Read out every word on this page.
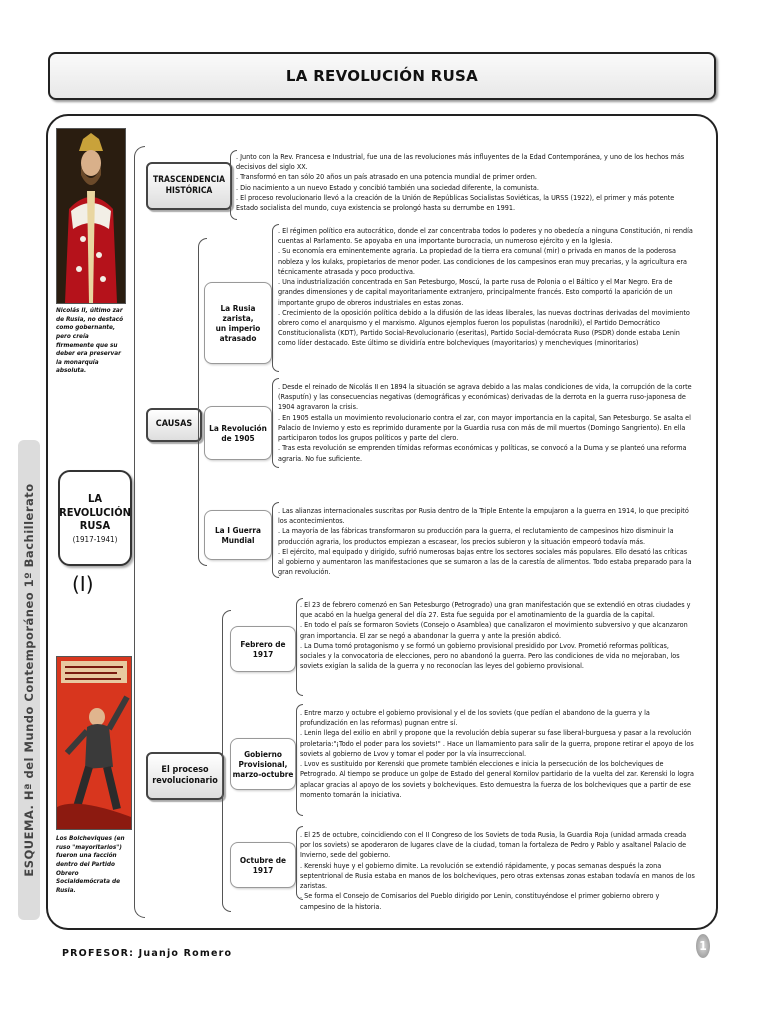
LA REVOLUCIÓN RUSA
ESQUEMA. Hª del Mundo Contemporáneo 1º Bachillerato
Nicolás II, último zar de Rusia, no destacó como gobernante, pero creía firmemente que su deber era preservar la monarquía absoluta.
LA
REVOLUCIÓN
RUSA
(1917-1941)
(I)
Los Bolcheviques (en ruso "mayoritarios") fueron una facción dentro del Partido Obrero Socialdemócrata de Rusia.
TRASCENDENCIA
HISTÓRICA

. Junto con la Rev. Francesa e Industrial, fue una de las revoluciones más influyentes de la Edad Contemporánea, y uno de los hechos más decisivos del siglo XX.

. Transformó en tan sólo 20 años un país atrasado en una potencia mundial de primer orden.

. Dio nacimiento a un nuevo Estado y concibió también una sociedad diferente, la comunista.

. El proceso revolucionario llevó a la creación de la Unión de Repúblicas Socialistas Soviéticas, la URSS (1922), el primer y más potente Estado socialista del mundo, cuya existencia se prolongó hasta su derrumbe en 1991.

CAUSAS
La Rusia
zarista,
un imperio
atrasado

. El régimen político era autocrático, donde el zar concentraba todos lo poderes y no obedecía a ninguna Constitución, ni rendía cuentas al Parlamento. Se apoyaba en una importante burocracia, un numeroso ejército y en la Iglesia.

. Su economía era eminentemente agraria. La propiedad de la tierra era comunal (mir) o privada en manos de la poderosa nobleza y los kulaks, propietarios de menor poder. Las condiciones de los campesinos eran muy precarias, y la agricultura era técnicamente atrasada y poco productiva.

. Una industrialización concentrada en San Petesburgo, Moscú, la parte rusa de Polonia o el Báltico y el Mar Negro. Era de grandes dimensiones y de capital mayoritariamente extranjero, principalmente francés. Esto comportó la aparición de un importante grupo de obreros industriales en estas zonas.

. Crecimiento de la oposición política debido a la difusión de las ideas liberales, las nuevas doctrinas derivadas del movimiento obrero como el anarquismo y el marxismo. Algunos ejemplos fueron los populistas (narodniki), el Partido Democrático Constitucionalista (KDT), Partido Social-Revolucionario (eseritas), Partido Social-demócrata Ruso (PSDR) donde estaba Lenin como líder destacado. Este último se dividiría entre bolcheviques (mayoritarios) y mencheviques (minoritarios)

La Revolución
de 1905

. Desde el reinado de Nicolás II en 1894 la situación se agrava debido a las malas condiciones de vida, la corrupción de la corte (Rasputín) y las consecuencias negativas (demográficas y económicas) derivadas de la derrota en la guerra ruso-japonesa de 1904 agravaron la crisis.

. En 1905 estalla un movimiento revolucionario contra el zar, con mayor importancia en la capital, San Petesburgo. Se asalta el Palacio de Invierno y esto es reprimido duramente por la Guardia rusa con más de mil muertos (Domingo Sangriento). En ella participaron todos los grupos políticos y parte del clero.

. Tras esta revolución se emprenden tímidas reformas económicas y políticas, se convocó a la Duma y se planteó una reforma agraria. No fue suficiente.

La I Guerra
Mundial

. Las alianzas internacionales suscritas por Rusia dentro de la Triple Entente la empujaron a la guerra en 1914, lo que precipitó los acontecimientos.

. La mayoría de las fábricas transformaron su producción para la guerra, el reclutamiento de campesinos hizo disminuir la producción agraria, los productos empiezan a escasear, los precios subieron y la situación empeoró todavía más.

. El ejército, mal equipado y dirigido, sufrió numerosas bajas entre los sectores sociales más populares. Ello desató las críticas al gobierno y aumentaron las manifestaciones que se sumaron a las de la carestía de alimentos. Todo estaba preparado para la gran revolución.

El proceso
revolucionario
Febrero de
1917

. El 23 de febrero comenzó en San Petesburgo (Petrogrado) una gran manifestación que se extendió en otras ciudades y que acabó en la huelga general del día 27. Esta fue seguida por el amotinamiento de la guardia de la capital.

. En todo el país se formaron Soviets (Consejo o Asamblea) que canalizaron el movimiento subversivo y que alcanzaron gran importancia. El zar se negó a abandonar la guerra y ante la presión abdicó.

. La Duma tomó protagonismo y se formó un gobierno provisional presidido por Lvov. Prometió reformas políticas, sociales y la convocatoria de elecciones, pero no abandonó la guerra. Pero las condiciones de vida no mejoraban, los soviets exigían la salida de la guerra y no reconocían las leyes del gobierno provisional.

Gobierno
Provisional,
marzo-octubre

. Entre marzo y octubre el gobierno provisional y el de los soviets (que pedían el abandono de la guerra y la profundización en las reformas) pugnan entre sí.

. Lenin llega del exilio en abril y propone que la revolución debía superar su fase liberal-burguesa y pasar a la revolución proletaria:"¡Todo el poder para los soviets!" . Hace un llamamiento para salir de la guerra, propone retirar el apoyo de los soviets al gobierno de Lvov y tomar el poder por la vía insurreccional.

. Lvov es sustituido por Kerenski que promete también elecciones e inicia la persecución de los bolcheviques de Petrogrado. Al tiempo se produce un golpe de Estado del general Kornilov partidario de la vuelta del zar. Kerenski lo logra aplacar gracias al apoyo de los soviets y bolcheviques. Esto demuestra la fuerza de los bolcheviques que a partir de ese momento tomarán la iniciativa.

Octubre de
1917

. El 25 de octubre, coincidiendo con el II Congreso de los Soviets de toda Rusia, la Guardia Roja (unidad armada creada por los soviets) se apoderaron de lugares clave de la ciudad, toman la fortaleza de Pedro y Pablo y asaltanel Palacio de Invierno, sede del gobierno.

. Kerenski huye y el gobierno dimite. La revolución se extendió rápidamente, y pocas semanas después la zona septentrional de Rusia estaba en manos de los bolcheviques, pero otras extensas zonas estaban todavía en manos de los zaristas.

. Se forma el Consejo de Comisarios del Pueblo dirigido por Lenin, constituyéndose el primer gobierno obrero y campesino de la historia.

PROFESOR: Juanjo Romero
1
